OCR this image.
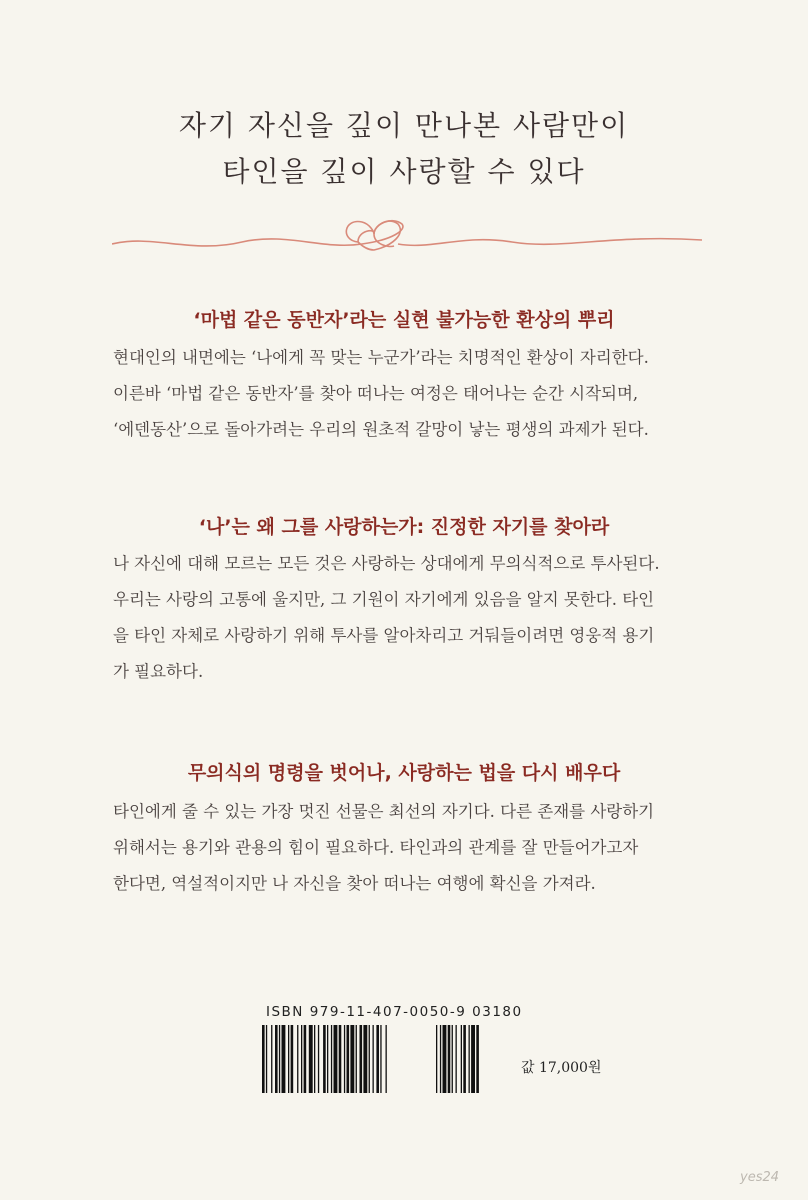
자기 자신을 깊이 만나본 사람만이
타인을 깊이 사랑할 수 있다
‘마법 같은 동반자’라는 실현 불가능한 환상의 뿌리
현대인의 내면에는 ‘나에게 꼭 맞는 누군가’라는 치명적인 환상이 자리한다.
이른바 ‘마법 같은 동반자’를 찾아 떠나는 여정은 태어나는 순간 시작되며,
‘에덴동산’으로 돌아가려는 우리의 원초적 갈망이 낳는 평생의 과제가 된다.
‘나’는 왜 그를 사랑하는가: 진정한 자기를 찾아라
나 자신에 대해 모르는 모든 것은 사랑하는 상대에게 무의식적으로 투사된다.
우리는 사랑의 고통에 울지만, 그 기원이 자기에게 있음을 알지 못한다. 타인
을 타인 자체로 사랑하기 위해 투사를 알아차리고 거둬들이려면 영웅적 용기
가 필요하다.
무의식의 명령을 벗어나, 사랑하는 법을 다시 배우다
타인에게 줄 수 있는 가장 멋진 선물은 최선의 자기다. 다른 존재를 사랑하기
위해서는 용기와 관용의 힘이 필요하다. 타인과의 관계를 잘 만들어가고자
한다면, 역설적이지만 나 자신을 찾아 떠나는 여행에 확신을 가져라.
ISBN 979-11-407-0050-9 03180
값 17,000원
yes24
